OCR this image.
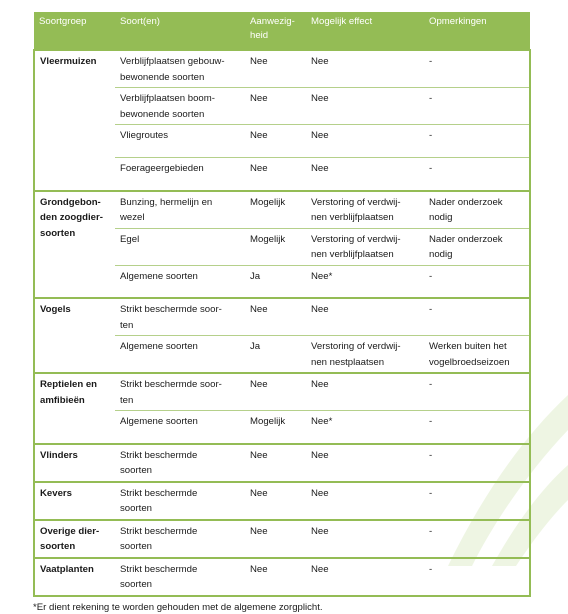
Soortgroep	Soort(en)	Aanwezig-
heid	Mogelijk effect	Opmerkingen
Vleermuizen	Verblijfplaatsen gebouw-
bewonende soorten	Nee	Nee	-
	Verblijfplaatsen boom-
bewonende soorten	Nee	Nee	-
	Vliegroutes	Nee	Nee	-
	Foerageergebieden	Nee	Nee	-
Grondgebon-
den zoogdier-
soorten	Bunzing, hermelijn en
wezel	Mogelijk	Verstoring of verdwij-
nen verblijfplaatsen	Nader onderzoek
nodig
	Egel	Mogelijk	Verstoring of verdwij-
nen verblijfplaatsen	Nader onderzoek
nodig
	Algemene soorten	Ja	Nee*	-
Vogels	Strikt beschermde soor-
ten	Nee	Nee	-
	Algemene soorten	Ja	Verstoring of verdwij-
nen nestplaatsen	Werken buiten het
vogelbroedseizoen
Reptielen en
amfibieën	Strikt beschermde soor-
ten	Nee	Nee	-
	Algemene soorten	Mogelijk	Nee*	-
Vlinders	Strikt beschermde
soorten	Nee	Nee	-
Kevers	Strikt beschermde
soorten	Nee	Nee	-
Overige dier-
soorten	Strikt beschermde
soorten	Nee	Nee	-
Vaatplanten	Strikt beschermde
soorten	Nee	Nee	-
*Er dient rekening te worden gehouden met de algemene zorgplicht.
